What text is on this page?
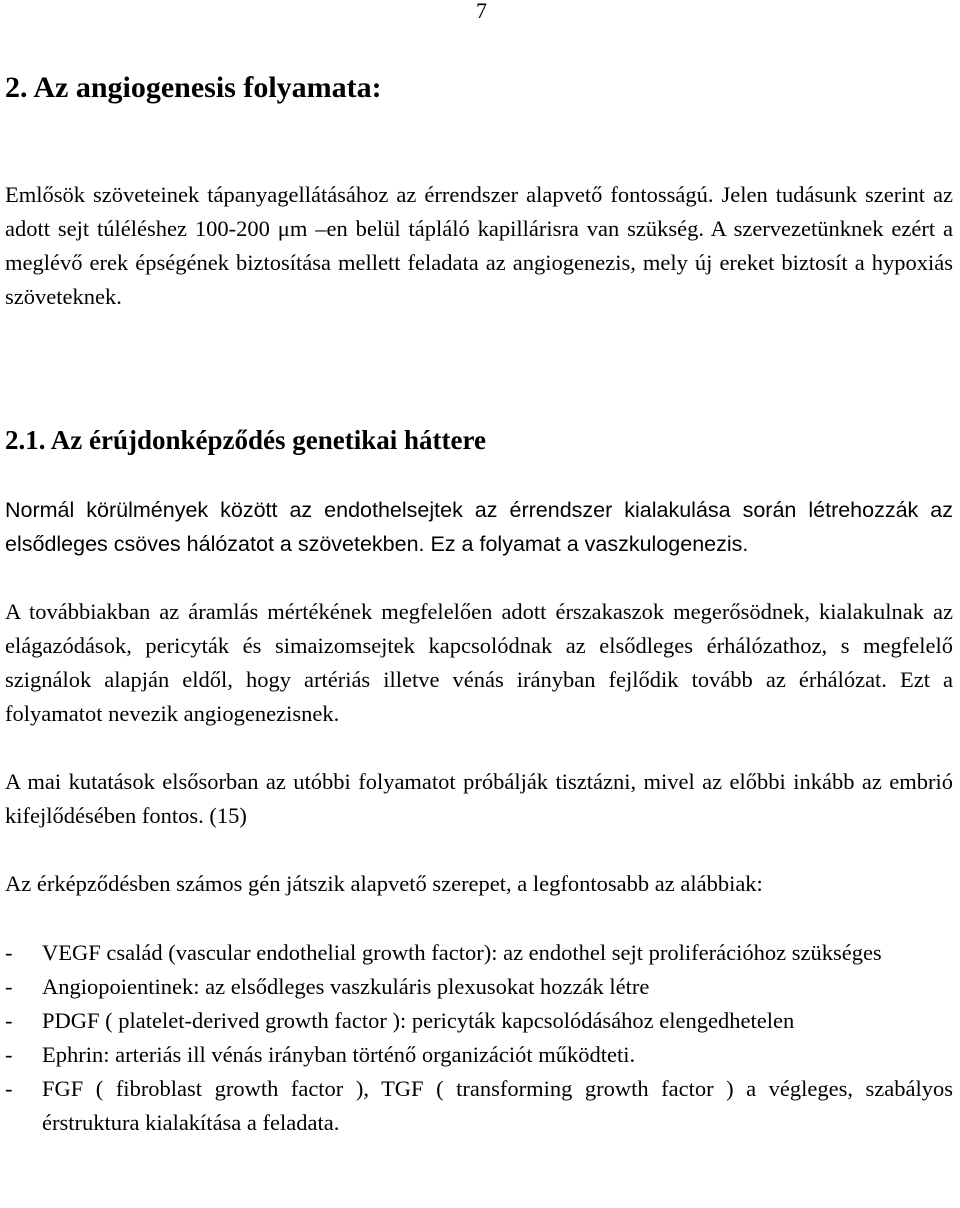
7

2. Az angiogenesis folyamata:

Emlősök szöveteinek tápanyagellátásához az érrendszer alapvető fontosságú. Jelen tudásunk szerint az adott sejt túléléshez 100-200 μm –en belül tápláló kapillárisra van szükség. A szervezetünknek ezért a meglévő erek épségének biztosítása mellett feladata az angiogenezis, mely új ereket biztosít a hypoxiás szöveteknek.

2.1. Az érújdonképződés genetikai háttere

Normál körülmények között az endothelsejtek az érrendszer kialakulása során létrehozzák az elsődleges csöves hálózatot a szövetekben. Ez a folyamat a vaszkulogenezis.

A továbbiakban az áramlás mértékének megfelelően adott érszakaszok megerősödnek, kialakulnak az elágazódások, pericyták és simaizomsejtek kapcsolódnak az elsődleges érhálózathoz, s megfelelő szignálok alapján eldől, hogy artériás illetve vénás irányban fejlődik tovább az érhálózat. Ezt a folyamatot nevezik angiogenezisnek.

A mai kutatások elsősorban az utóbbi folyamatot próbálják tisztázni, mivel az előbbi inkább az embrió kifejlődésében fontos. (15)

Az érképződésben számos gén játszik alapvető szerepet, a legfontosabb az alábbiak:

- VEGF család (vascular endothelial growth factor): az endothel sejt proliferációhoz szükséges
- Angiopoientinek: az elsődleges vaszkuláris plexusokat hozzák létre
- PDGF ( platelet-derived growth factor ): pericyták kapcsolódásához elengedhetelen
- Ephrin: arteriás ill vénás irányban történő organizációt működteti.
- FGF ( fibroblast growth factor ), TGF ( transforming growth factor ) a végleges, szabályos érstruktura kialakítása a feladata.
